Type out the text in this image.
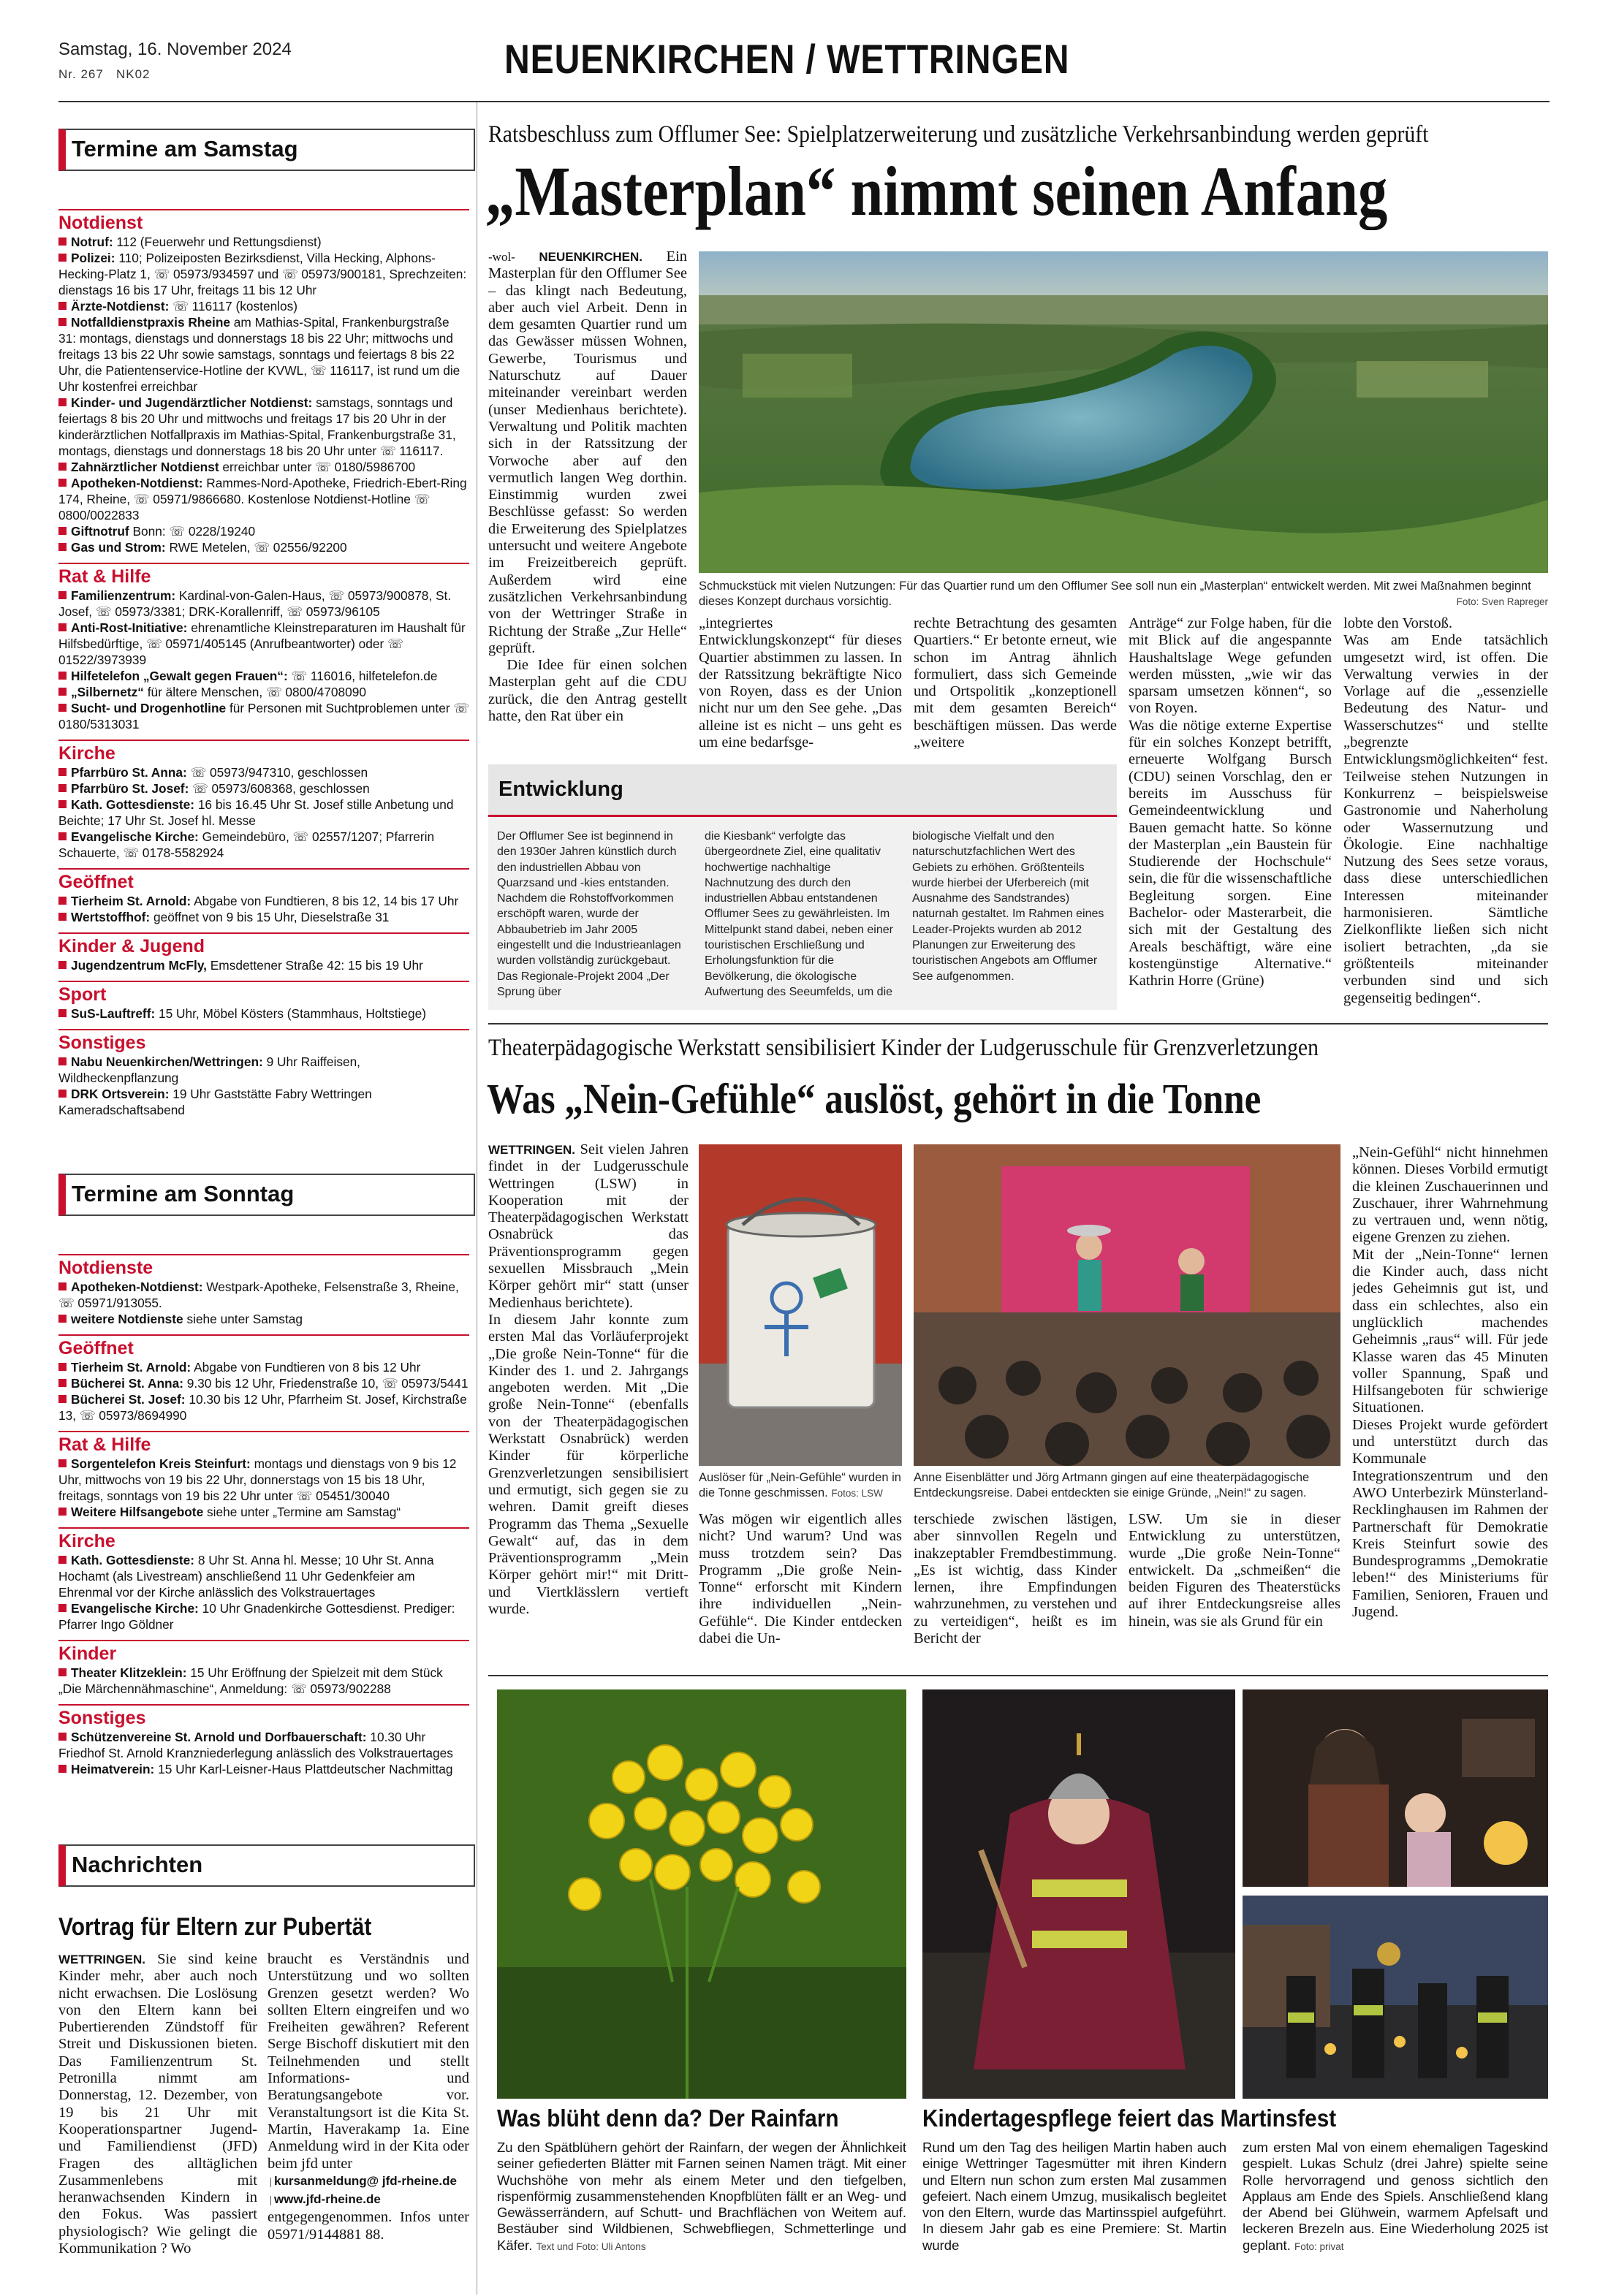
Samstag, 16. November 2024
Nr. 267 NK02	NEUENKIRCHEN / WETTRINGEN
Termine am Samstag
Notdienst
Notruf: 112 (Feuerwehr und Rettungsdienst)
Polizei: 110; Polizeiposten Bezirksdienst, Villa Hecking, Alphons-Hecking-Platz 1, ☏ 05973/934597 und ☏ 05973/900181, Sprechzeiten: dienstags 16 bis 17 Uhr, freitags 11 bis 12 Uhr
Ärzte-Notdienst: ☏ 116117 (kostenlos)
Notfalldienstpraxis Rheine am Mathias-Spital, Frankenburgstraße 31: montags, dienstags und donnerstags 18 bis 22 Uhr; mittwochs und freitags 13 bis 22 Uhr sowie samstags, sonntags und feiertags 8 bis 22 Uhr, die Patientenservice-Hotline der KVWL, ☏ 116117, ist rund um die Uhr kostenfrei erreichbar
Kinder- und Jugendärztlicher Notdienst: samstags, sonntags und feiertags 8 bis 20 Uhr und mittwochs und freitags 17 bis 20 Uhr in der kinderärztlichen Notfallpraxis im Mathias-Spital, Frankenburgstraße 31, montags, dienstags und donnerstags 18 bis 20 Uhr unter ☏ 116117.
Zahnärztlicher Notdienst erreichbar unter ☏ 0180/5986700
Apotheken-Notdienst: Rammes-Nord-Apotheke, Friedrich-Ebert-Ring 174, Rheine, ☏ 05971/9866680. Kostenlose Notdienst-Hotline ☏ 0800/0022833
Giftnotruf Bonn: ☏ 0228/19240
Gas und Strom: RWE Metelen, ☏ 02556/92200
Rat & Hilfe
Familienzentrum: Kardinal-von-Galen-Haus, ☏ 05973/900878, St. Josef, ☏ 05973/3381; DRK-Korallenriff, ☏ 05973/96105
Anti-Rost-Initiative: ehrenamtliche Kleinstreparaturen im Haushalt für Hilfsbedürftige, ☏ 05971/405145 (Anrufbeantworter) oder ☏ 01522/3973939
Hilfetelefon „Gewalt gegen Frauen“: ☏ 116016, hilfetelefon.de
„Silbernetz“ für ältere Menschen, ☏ 0800/4708090
Sucht- und Drogenhotline für Personen mit Suchtproblemen unter ☏ 0180/5313031
Kirche
Pfarrbüro St. Anna: ☏ 05973/947310, geschlossen
Pfarrbüro St. Josef: ☏ 05973/608368, geschlossen
Kath. Gottesdienste: 16 bis 16.45 Uhr St. Josef stille Anbetung und Beichte; 17 Uhr St. Josef hl. Messe
Evangelische Kirche: Gemeindebüro, ☏ 02557/1207; Pfarrerin Schauerte, ☏ 0178-5582924
Geöffnet
Tierheim St. Arnold: Abgabe von Fundtieren, 8 bis 12, 14 bis 17 Uhr
Wertstoffhof: geöffnet von 9 bis 15 Uhr, Dieselstraße 31
Kinder & Jugend
Jugendzentrum McFly, Emsdettener Straße 42: 15 bis 19 Uhr
Sport
SuS-Lauftreff: 15 Uhr, Möbel Kösters (Stammhaus, Holtstiege)
Sonstiges
Nabu Neuenkirchen/Wettringen: 9 Uhr Raiffeisen, Wildheckenpflanzung
DRK Ortsverein: 19 Uhr Gaststätte Fabry Wettringen Kameradschaftsabend
Termine am Sonntag
Notdienste
Apotheken-Notdienst: Westpark-Apotheke, Felsenstraße 3, Rheine, ☏ 05971/913055.
weitere Notdienste siehe unter Samstag
Geöffnet
Tierheim St. Arnold: Abgabe von Fundtieren von 8 bis 12 Uhr
Bücherei St. Anna: 9.30 bis 12 Uhr, Friedenstraße 10, ☏ 05973/5441
Bücherei St. Josef: 10.30 bis 12 Uhr, Pfarrheim St. Josef, Kirchstraße 13, ☏ 05973/8694990
Rat & Hilfe
Sorgentelefon Kreis Steinfurt: montags und dienstags von 9 bis 12 Uhr, mittwochs von 19 bis 22 Uhr, donnerstags von 15 bis 18 Uhr, freitags, sonntags von 19 bis 22 Uhr unter ☏ 05451/30040
Weitere Hilfsangebote siehe unter „Termine am Samstag“
Kirche
Kath. Gottesdienste: 8 Uhr St. Anna hl. Messe; 10 Uhr St. Anna Hochamt (als Livestream) anschließend 11 Uhr Gedenkfeier am Ehrenmal vor der Kirche anlässlich des Volkstrauertages
Evangelische Kirche: 10 Uhr Gnadenkirche Gottesdienst. Prediger: Pfarrer Ingo Göldner
Kinder
Theater Klitzeklein: 15 Uhr Eröffnung der Spielzeit mit dem Stück „Die Märchennähmaschine“, Anmeldung: ☏ 05973/902288
Sonstiges
Schützenvereine St. Arnold und Dorfbauerschaft: 10.30 Uhr Friedhof St. Arnold Kranzniederlegung anlässlich des Volkstrauertages
Heimatverein: 15 Uhr Karl-Leisner-Haus Plattdeutscher Nachmittag
Nachrichten
Vortrag für Eltern zur Pubertät
WETTRINGEN. Sie sind keine Kinder mehr, aber auch noch nicht erwachsen. Die Loslösung von den Eltern kann bei Pubertierenden Zündstoff für Streit und Diskussionen bieten. Das Familienzentrum St. Petronilla nimmt am Donnerstag, 12. Dezember, von 19 bis 21 Uhr mit Kooperationspartner Jugend- und Familiendienst (JFD) Fragen des alltäglichen Zusammenlebens mit heranwachsenden Kindern in den Fokus. Was passiert physiologisch? Wie gelingt die Kommunikation ? Wo
braucht es Verständnis und Unterstützung und wo sollten Grenzen gesetzt werden? Wo sollten Eltern eingreifen und wo Freiheiten gewähren? Referent Serge Bischoff diskutiert mit den Teilnehmenden und stellt Informations- und Beratungsangebote vor. Veranstaltungsort ist die Kita St. Martin, Haverakamp 1a. Eine Anmeldung wird in der Kita oder beim jfd unter
| kursanmeldung@ jfd-rheine.de
| www.jfd-rheine.de
entgegengenommen. Infos unter 05971/9144881 88.
Ratsbeschluss zum Offlumer See: Spielplatzerweiterung und zusätzliche Verkehrsanbindung werden geprüft
„Masterplan“ nimmt seinen Anfang
-wol- NEUENKIRCHEN. Ein Masterplan für den Offlumer See – das klingt nach Bedeutung, aber auch viel Arbeit. Denn in dem gesamten Quartier rund um das Gewässer müssen Wohnen, Gewerbe, Tourismus und Naturschutz auf Dauer miteinander vereinbart werden (unser Medienhaus berichtete). Verwaltung und Politik machten sich in der Ratssitzung der Vorwoche aber auf den vermutlich langen Weg dorthin. Einstimmig wurden zwei Beschlüsse gefasst: So werden die Erweiterung des Spielplatzes untersucht und weitere Angebote im Freizeitbereich geprüft. Außerdem wird eine zusätzlichen Verkehrsanbindung von der Wettringer Straße in Richtung der Straße „Zur Helle“ geprüft.
Die Idee für einen solchen Masterplan geht auf die CDU zurück, die den Antrag gestellt hatte, den Rat über ein
Schmuckstück mit vielen Nutzungen: Für das Quartier rund um den Offlumer See soll nun ein „Masterplan“ entwickelt werden. Mit zwei Maßnahmen beginnt dieses Konzept durchaus vorsichtig.	Foto: Sven Rapreger
„integriertes Entwicklungskonzept“ für dieses Quartier abstimmen zu lassen. In der Ratssitzung bekräftigte Nico von Royen, dass es der Union nicht nur um den See gehe. „Das alleine ist es nicht – uns geht es um eine bedarfsge-
rechte Betrachtung des gesamten Quartiers.“ Er betonte erneut, wie schon im Antrag ähnlich formuliert, dass sich Gemeinde und Ortspolitik „konzeptionell mit dem gesamten Bereich“ beschäftigen müssen. Das werde „weitere
Anträge“ zur Folge haben, für die mit Blick auf die angespannte Haushaltslage Wege gefunden werden müssten, „wie wir das sparsam umsetzen können“, so von Royen.
Was die nötige externe Expertise für ein solches Konzept betrifft, erneuerte Wolfgang Bursch (CDU) seinen Vorschlag, den er bereits im Ausschuss für Gemeindeentwicklung und Bauen gemacht hatte. So könne der Masterplan „ein Baustein für Studierende der Hochschule“ sein, die für die wissenschaftliche Begleitung sorgen. Eine Bachelor- oder Masterarbeit, die sich mit der Gestaltung des Areals beschäftigt, wäre eine kostengünstige Alternative.“ Kathrin Horre (Grüne)
lobte den Vorstoß.
Was am Ende tatsächlich umgesetzt wird, ist offen. Die Verwaltung verwies in der Vorlage auf die „essenzielle Bedeutung des Natur- und Wasserschutzes“ und stellte „begrenzte Entwicklungsmöglichkeiten“ fest. Teilweise stehen Nutzungen in Konkurrenz – beispielsweise Gastronomie und Naherholung oder Wassernutzung und Ökologie. Eine nachhaltige Nutzung des Sees setze voraus, dass diese unterschiedlichen Interessen miteinander harmonisieren. Sämtliche Zielkonflikte ließen sich nicht isoliert betrachten, „da sie größtenteils miteinander verbunden sind und sich gegenseitig bedingen“.
Entwicklung
Der Offlumer See ist beginnend in den 1930er Jahren künstlich durch den industriellen Abbau von Quarzsand und -kies entstanden. Nachdem die Rohstoffvorkommen erschöpft waren, wurde der Abbaubetrieb im Jahr 2005 eingestellt und die Industrieanlagen wurden vollständig zurückgebaut. Das Regionale-Projekt 2004 „Der Sprung über
die Kiesbank“ verfolgte das übergeordnete Ziel, eine qualitativ hochwertige nachhaltige Nachnutzung des durch den industriellen Abbau entstandenen Offlumer Sees zu gewährleisten. Im Mittelpunkt stand dabei, neben einer touristischen Erschließung und Erholungsfunktion für die Bevölkerung, die ökologische Aufwertung des Seeumfelds, um die
biologische Vielfalt und den naturschutzfachlichen Wert des Gebiets zu erhöhen. Größtenteils wurde hierbei der Uferbereich (mit Ausnahme des Sandstrandes) naturnah gestaltet. Im Rahmen eines Leader-Projekts wurden ab 2012 Planungen zur Erweiterung des touristischen Angebots am Offlumer See aufgenommen.
Theaterpädagogische Werkstatt sensibilisiert Kinder der Ludgerusschule für Grenzverletzungen
Was „Nein-Gefühle“ auslöst, gehört in die Tonne
WETTRINGEN. Seit vielen Jahren findet in der Ludgerusschule Wettringen (LSW) in Kooperation mit der Theaterpädagogischen Werkstatt Osnabrück das Präventionsprogramm gegen sexuellen Missbrauch „Mein Körper gehört mir“ statt (unser Medienhaus berichtete).
In diesem Jahr konnte zum ersten Mal das Vorläuferprojekt „Die große Nein-Tonne“ für die Kinder des 1. und 2. Jahrgangs angeboten werden. Mit „Die große Nein-Tonne“ (ebenfalls von der Theaterpädagogischen Werkstatt Osnabrück) werden Kinder für körperliche Grenzverletzungen sensibilisiert und ermutigt, sich gegen sie zu wehren. Damit greift dieses Programm das Thema „Sexuelle Gewalt“ auf, das in dem Präventionsprogramm „Mein Körper gehört mir!“ mit Dritt- und Viertklässlern vertieft wurde.
Auslöser für „Nein-Gefühle“ wurden in die Tonne geschmissen. Fotos: LSW
Anne Eisenblätter und Jörg Artmann gingen auf eine theaterpädagogische Entdeckungsreise. Dabei entdeckten sie einige Gründe, „Nein!“ zu sagen.
Was mögen wir eigentlich alles nicht? Und warum? Und was muss trotzdem sein? Das Programm „Die große Nein-Tonne“ erforscht mit Kindern ihre individuellen „Nein-Gefühle“. Die Kinder entdecken dabei die Un-
terschiede zwischen lästigen, aber sinnvollen Regeln und inakzeptabler Fremdbestimmung. „Es ist wichtig, dass Kinder lernen, ihre Empfindungen wahrzunehmen, zu verstehen und zu verteidigen“, heißt es im Bericht der
LSW. Um sie in dieser Entwicklung zu unterstützen, wurde „Die große Nein-Tonne“ entwickelt. Da „schmeißen“ die beiden Figuren des Theaterstücks auf ihrer Entdeckungsreise alles hinein, was sie als Grund für ein
„Nein-Gefühl“ nicht hinnehmen können. Dieses Vorbild ermutigt die kleinen Zuschauerinnen und Zuschauer, ihrer Wahrnehmung zu vertrauen und, wenn nötig, eigene Grenzen zu ziehen.
Mit der „Nein-Tonne“ lernen die Kinder auch, dass nicht jedes Geheimnis gut ist, und dass ein schlechtes, also ein unglücklich machendes Geheimnis „raus“ will. Für jede Klasse waren das 45 Minuten voller Spannung, Spaß und Hilfsangeboten für schwierige Situationen.
Dieses Projekt wurde gefördert und unterstützt durch das Kommunale Integrationszentrum und den AWO Unterbezirk Münsterland-Recklinghausen im Rahmen der Partnerschaft für Demokratie Kreis Steinfurt sowie des Bundesprogramms „Demokratie leben!“ des Ministeriums für Familien, Senioren, Frauen und Jugend.
Was blüht denn da? Der Rainfarn
Zu den Spätblühern gehört der Rainfarn, der wegen der Ähnlichkeit seiner gefiederten Blätter mit Farnen seinen Namen trägt. Mit einer Wuchshöhe von mehr als einem Meter und den tiefgelben, rispenförmig zusammenstehenden Knopfblüten fällt er an Weg- und Gewässerrändern, auf Schutt- und Brachflächen von Weitem auf. Bestäuber sind Wildbienen, Schwebfliegen, Schmetterlinge und Käfer. Text und Foto: Uli Antons
Kindertagespflege feiert das Martinsfest
Rund um den Tag des heiligen Martin haben auch einige Wettringer Tagesmütter mit ihren Kindern und Eltern nun schon zum ersten Mal zusammen gefeiert. Nach einem Umzug, musikalisch begleitet von den Eltern, wurde das Martinsspiel aufgeführt. In diesem Jahr gab es eine Premiere: St. Martin wurde
zum ersten Mal von einem ehemaligen Tageskind gespielt. Lukas Schulz (drei Jahre) spielte seine Rolle hervorragend und genoss sichtlich den Applaus am Ende des Spiels. Anschließend klang der Abend bei Glühwein, warmem Apfelsaft und leckeren Brezeln aus. Eine Wiederholung 2025 ist geplant. Foto: privat
